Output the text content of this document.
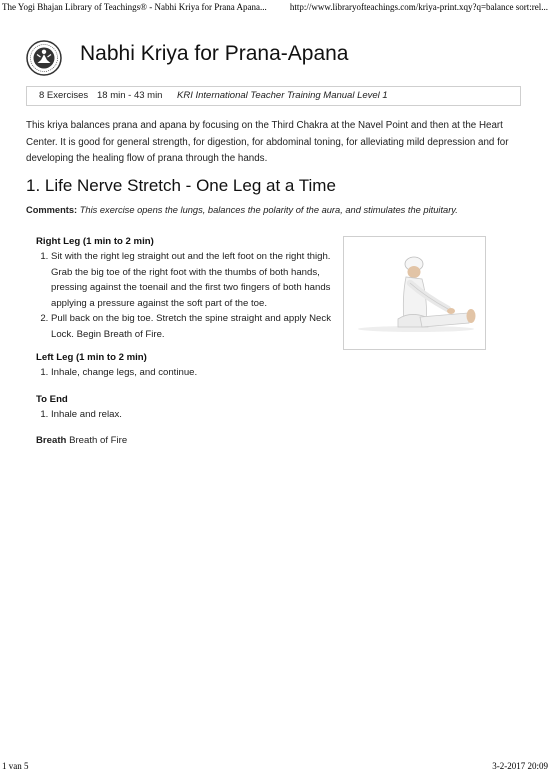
The Yogi Bhajan Library of Teachings® - Nabhi Kriya for Prana Apana...	http://www.libraryofteachings.com/kriya-print.xqy?q=balance sort:rel...
Nabhi Kriya for Prana-Apana
8 Exercises 18 min - 43 min KRI International Teacher Training Manual Level 1
This kriya balances prana and apana by focusing on the Third Chakra at the Navel Point and then at the Heart Center. It is good for general strength, for digestion, for abdominal toning, for alleviating mild depression and for developing the healing flow of prana through the hands.
1. Life Nerve Stretch - One Leg at a Time
Comments: This exercise opens the lungs, balances the polarity of the aura, and stimulates the pituitary.
Right Leg (1 min to 2 min)
1. Sit with the right leg straight out and the left foot on the right thigh. Grab the big toe of the right foot with the thumbs of both hands, pressing against the toenail and the first two fingers of both hands applying a pressure against the soft part of the toe.
2. Pull back on the big toe. Stretch the spine straight and apply Neck Lock. Begin Breath of Fire.
Left Leg (1 min to 2 min)
1. Inhale, change legs, and continue.
To End
1. Inhale and relax.
Breath Breath of Fire
1 van 5	3-2-2017 20:09
